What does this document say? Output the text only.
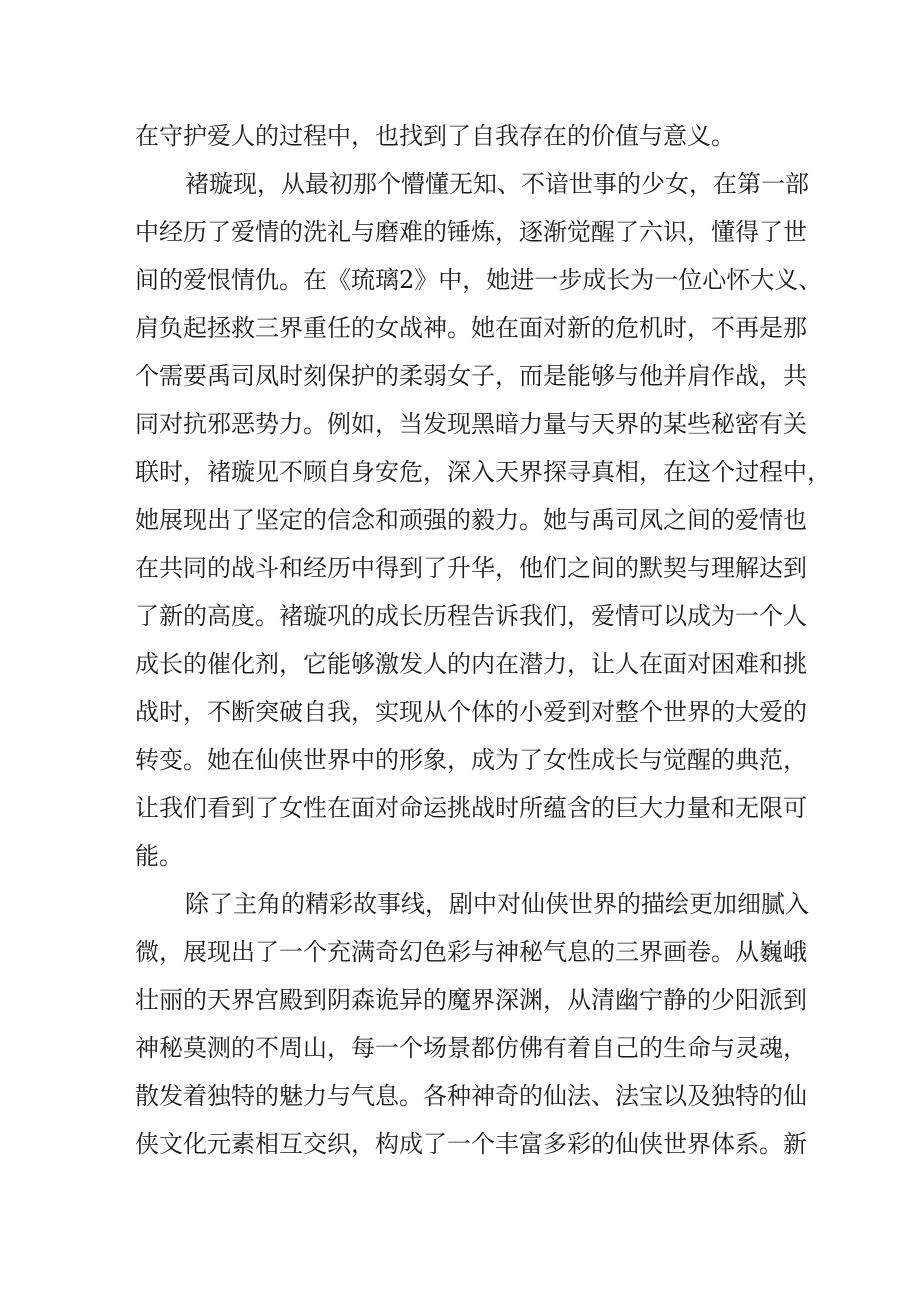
在守护爱人的过程中，也找到了自我存在的价值与意义。
褚璇现，从最初那个懵懂无知、不谙世事的少女，在第一部
中经历了爱情的洗礼与磨难的锤炼，逐渐觉醒了六识，懂得了世
间的爱恨情仇。在《琉璃2》中，她进一步成长为一位心怀大义、
肩负起拯救三界重任的女战神。她在面对新的危机时，不再是那
个需要禹司凤时刻保护的柔弱女子，而是能够与他并肩作战，共
同对抗邪恶势力。例如，当发现黑暗力量与天界的某些秘密有关
联时，褚璇见不顾自身安危，深入天界探寻真相，在这个过程中，
她展现出了坚定的信念和顽强的毅力。她与禹司凤之间的爱情也
在共同的战斗和经历中得到了升华，他们之间的默契与理解达到
了新的高度。褚璇巩的成长历程告诉我们，爱情可以成为一个人
成长的催化剂，它能够激发人的内在潜力，让人在面对困难和挑
战时，不断突破自我，实现从个体的小爱到对整个世界的大爱的
转变。她在仙侠世界中的形象，成为了女性成长与觉醒的典范，
让我们看到了女性在面对命运挑战时所蕴含的巨大力量和无限可
能。
除了主角的精彩故事线，剧中对仙侠世界的描绘更加细腻入
微，展现出了一个充满奇幻色彩与神秘气息的三界画卷。从巍峨
壮丽的天界宫殿到阴森诡异的魔界深渊，从清幽宁静的少阳派到
神秘莫测的不周山，每一个场景都仿佛有着自己的生命与灵魂，
散发着独特的魅力与气息。各种神奇的仙法、法宝以及独特的仙
侠文化元素相互交织，构成了一个丰富多彩的仙侠世界体系。新
